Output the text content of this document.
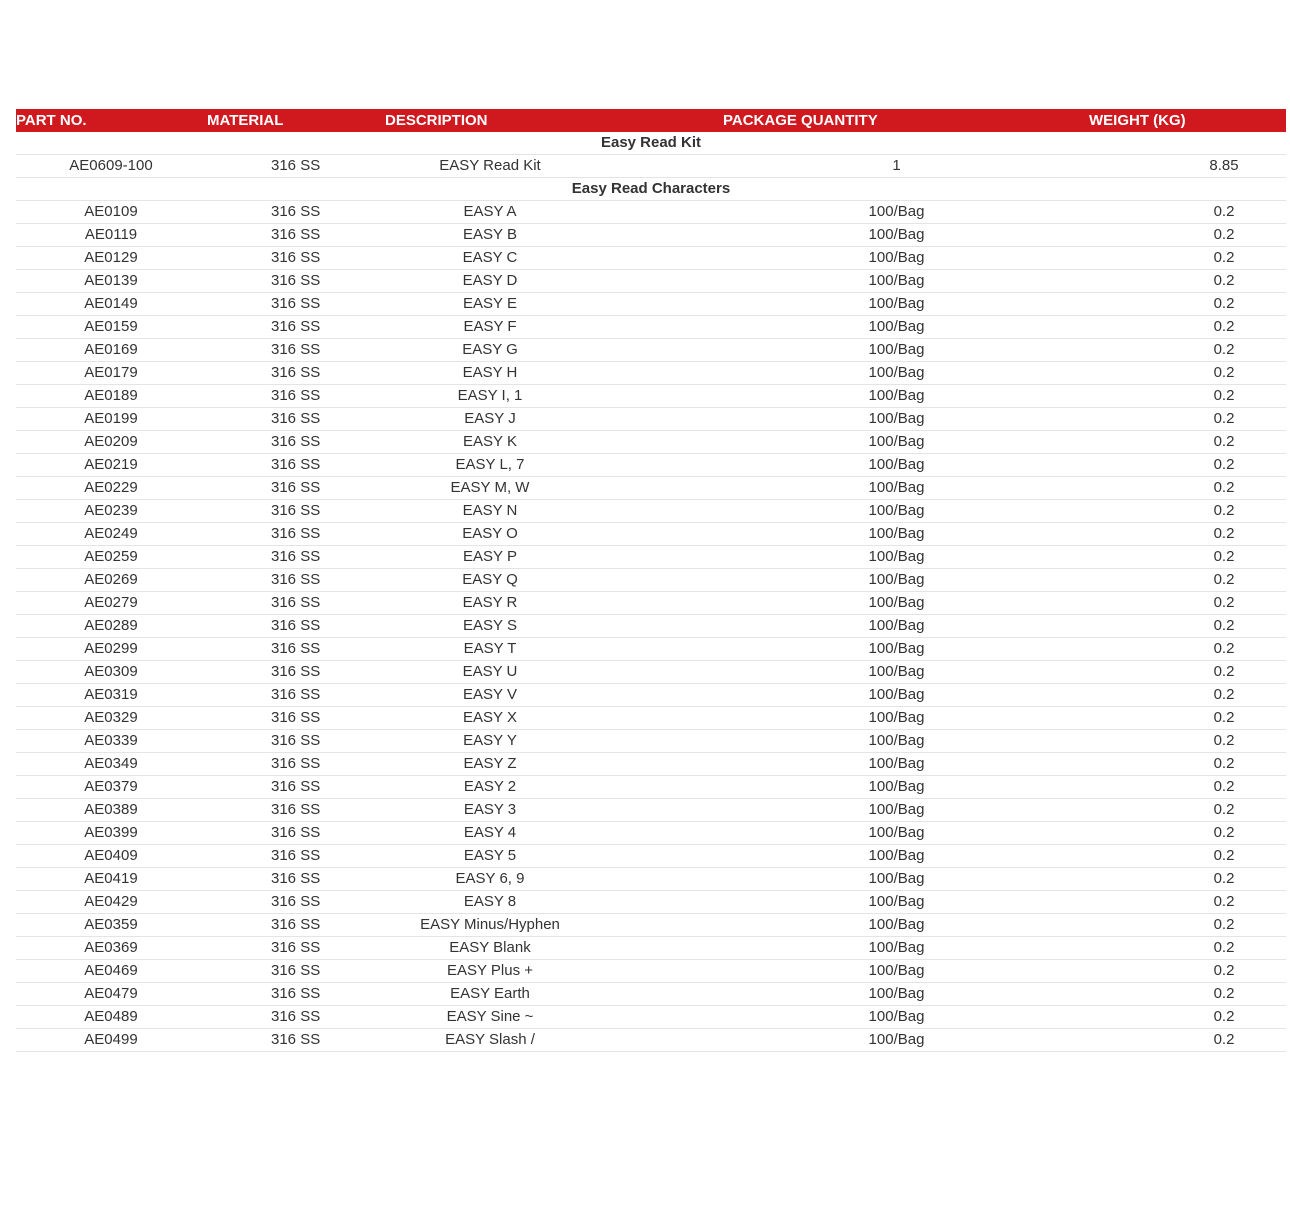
PART NO.	MATERIAL	DESCRIPTION	PACKAGE QUANTITY	WEIGHT (KG)
Easy Read Kit				
AE0609-100	316 SS	EASY Read Kit	1	8.85
Easy Read Characters				
AE0109	316 SS	EASY A	100/Bag	0.2
AE0119	316 SS	EASY B	100/Bag	0.2
AE0129	316 SS	EASY C	100/Bag	0.2
AE0139	316 SS	EASY D	100/Bag	0.2
AE0149	316 SS	EASY E	100/Bag	0.2
AE0159	316 SS	EASY F	100/Bag	0.2
AE0169	316 SS	EASY G	100/Bag	0.2
AE0179	316 SS	EASY H	100/Bag	0.2
AE0189	316 SS	EASY I, 1	100/Bag	0.2
AE0199	316 SS	EASY J	100/Bag	0.2
AE0209	316 SS	EASY K	100/Bag	0.2
AE0219	316 SS	EASY L, 7	100/Bag	0.2
AE0229	316 SS	EASY M, W	100/Bag	0.2
AE0239	316 SS	EASY N	100/Bag	0.2
AE0249	316 SS	EASY O	100/Bag	0.2
AE0259	316 SS	EASY P	100/Bag	0.2
AE0269	316 SS	EASY Q	100/Bag	0.2
AE0279	316 SS	EASY R	100/Bag	0.2
AE0289	316 SS	EASY S	100/Bag	0.2
AE0299	316 SS	EASY T	100/Bag	0.2
AE0309	316 SS	EASY U	100/Bag	0.2
AE0319	316 SS	EASY V	100/Bag	0.2
AE0329	316 SS	EASY X	100/Bag	0.2
AE0339	316 SS	EASY Y	100/Bag	0.2
AE0349	316 SS	EASY Z	100/Bag	0.2
AE0379	316 SS	EASY 2	100/Bag	0.2
AE0389	316 SS	EASY 3	100/Bag	0.2
AE0399	316 SS	EASY 4	100/Bag	0.2
AE0409	316 SS	EASY 5	100/Bag	0.2
AE0419	316 SS	EASY 6, 9	100/Bag	0.2
AE0429	316 SS	EASY 8	100/Bag	0.2
AE0359	316 SS	EASY Minus/Hyphen	100/Bag	0.2
AE0369	316 SS	EASY Blank	100/Bag	0.2
AE0469	316 SS	EASY Plus +	100/Bag	0.2
AE0479	316 SS	EASY Earth	100/Bag	0.2
AE0489	316 SS	EASY Sine ~	100/Bag	0.2
AE0499	316 SS	EASY Slash /	100/Bag	0.2
